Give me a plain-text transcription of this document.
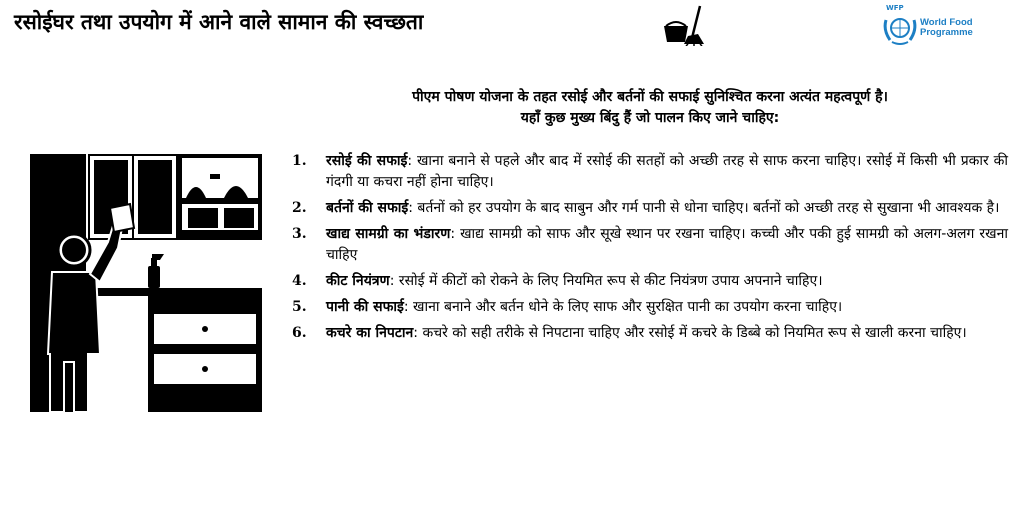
रसोईघर तथा उपयोग में आने वाले सामान की स्वच्छता
WFP
World Food
Programme
पीएम पोषण योजना के तहत रसोई और बर्तनों की सफाई सुनिश्चित करना अत्यंत महत्वपूर्ण है।
यहाँ कुछ मुख्य बिंदु हैं जो पालन किए जाने चाहिए:
1. रसोई की सफाई: खाना बनाने से पहले और बाद में रसोई की सतहों को अच्छी तरह से साफ करना चाहिए। रसोई में किसी भी प्रकार की गंदगी या कचरा नहीं होना चाहिए।
2. बर्तनों की सफाई: बर्तनों को हर उपयोग के बाद साबुन और गर्म पानी से धोना चाहिए। बर्तनों को अच्छी तरह से सुखाना भी आवश्यक है।
3. खाद्य सामग्री का भंडारण: खाद्य सामग्री को साफ और सूखे स्थान पर रखना चाहिए। कच्ची और पकी हुई सामग्री को अलग-अलग रखना चाहिए
4. कीट नियंत्रण: रसोई में कीटों को रोकने के लिए नियमित रूप से कीट नियंत्रण उपाय अपनाने चाहिए।
5. पानी की सफाई: खाना बनाने और बर्तन धोने के लिए साफ और सुरक्षित पानी का उपयोग करना चाहिए।
6. कचरे का निपटान: कचरे को सही तरीके से निपटाना चाहिए और रसोई में कचरे के डिब्बे को नियमित रूप से खाली करना चाहिए।
